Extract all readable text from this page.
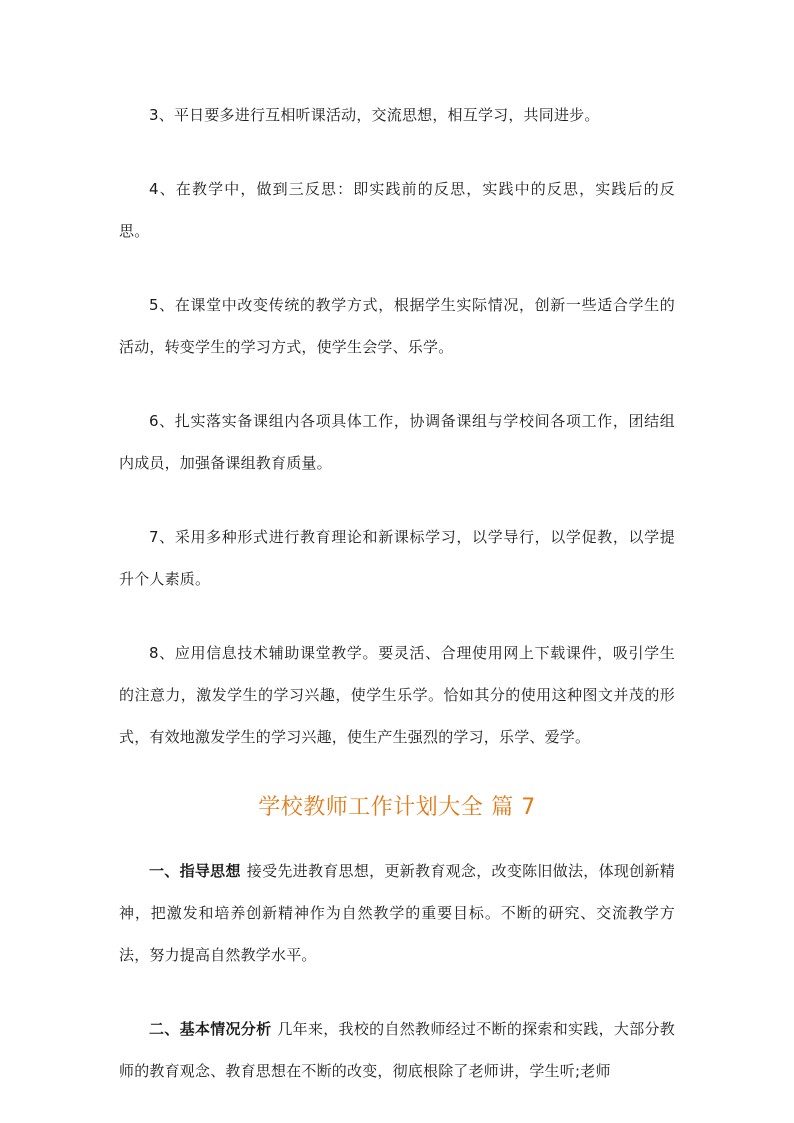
3、平日要多进行互相听课活动，交流思想，相互学习，共同进步。

4、在教学中，做到三反思：即实践前的反思，实践中的反思，实践后的反思。

5、在课堂中改变传统的教学方式，根据学生实际情况，创新一些适合学生的活动，转变学生的学习方式，使学生会学、乐学。

6、扎实落实备课组内各项具体工作，协调备课组与学校间各项工作，团结组内成员，加强备课组教育质量。

7、采用多种形式进行教育理论和新课标学习，以学导行，以学促教，以学提升个人素质。

8、应用信息技术辅助课堂教学。要灵活、合理使用网上下载课件，吸引学生的注意力，激发学生的学习兴趣，使学生乐学。恰如其分的使用这种图文并茂的形式，有效地激发学生的学习兴趣，使生产生强烈的学习，乐学、爱学。

学校教师工作计划大全 篇 7

一、指导思想 接受先进教育思想，更新教育观念，改变陈旧做法，体现创新精神，把激发和培养创新精神作为自然教学的重要目标。不断的研究、交流教学方法，努力提高自然教学水平。

二、基本情况分析 几年来，我校的自然教师经过不断的探索和实践，大部分教师的教育观念、教育思想在不断的改变，彻底根除了老师讲，学生听;老师
